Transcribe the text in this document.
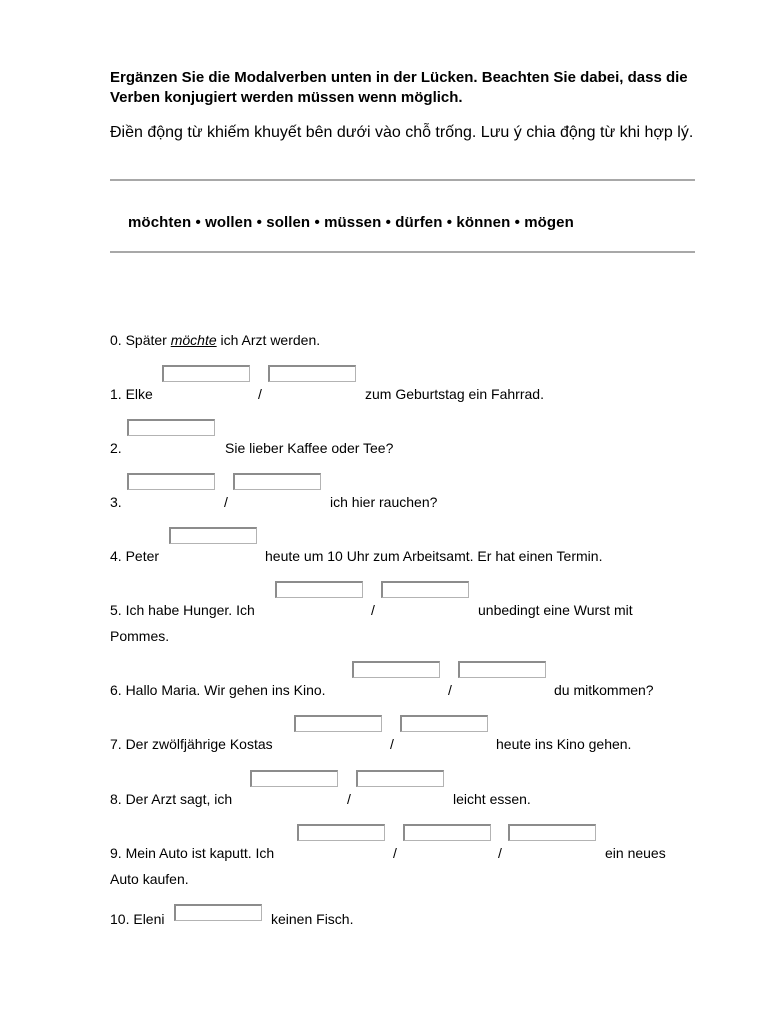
Ergänzen Sie die Modalverben unten in der Lücken. Beachten Sie dabei, dass die Verben konjugiert werden müssen wenn möglich.
Điền động từ khiếm khuyết bên dưới vào chỗ trống. Lưu ý chia động từ khi hợp lý.
möchten • wollen • sollen • müssen • dürfen • können • mögen
0. Später möchte ich Arzt werden.
1. Elke	/	zum Geburtstag ein Fahrrad.
2.	Sie lieber Kaffee oder Tee?
3.	/	ich hier rauchen?
4. Peter	heute um 10 Uhr zum Arbeitsamt. Er hat einen Termin.
5. Ich habe Hunger. Ich	/	unbedingt eine Wurst mit
Pommes.
6. Hallo Maria. Wir gehen ins Kino.	/	du mitkommen?
7. Der zwölfjährige Kostas	/	heute ins Kino gehen.
8. Der Arzt sagt, ich	/	leicht essen.
9. Mein Auto ist kaputt. Ich	/	/	ein neues
Auto kaufen.
10. Eleni	keinen Fisch.
